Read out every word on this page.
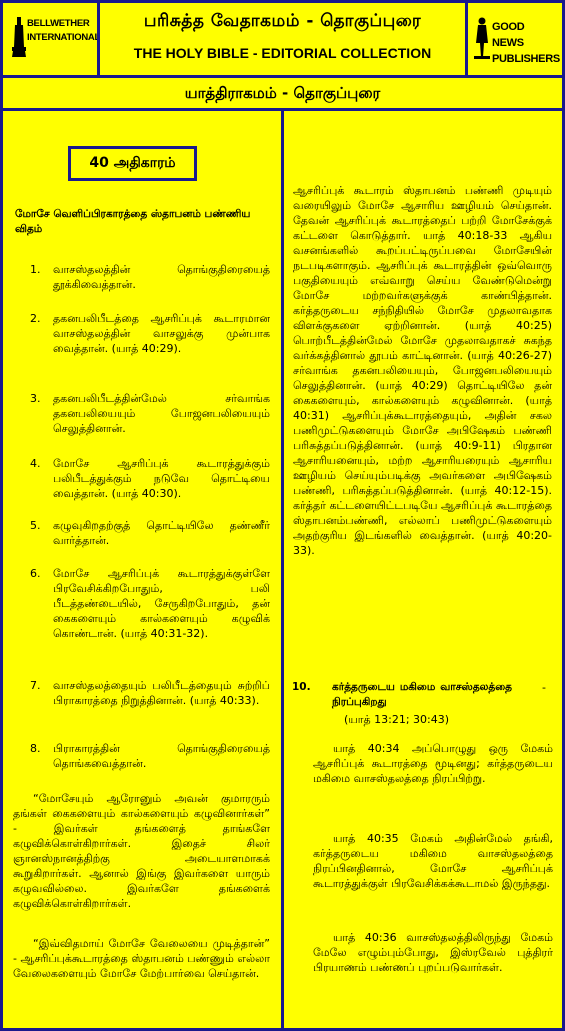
BELLWETHER INTERNATIONAL
பரிசுத்த வேதாகமம் - தொகுப்புரை
THE HOLY BIBLE - EDITORIAL COLLECTION
GOOD NEWS PUBLISHERS
யாத்திராகமம் - தொகுப்புரை
40 அதிகாரம்
மோசே வெளிப்பிரகாரத்தை ஸ்தாபனம் பண்ணிய விதம்
1. வாசஸ்தலத்தின் தொங்குதிரையைத் தூக்கிவைத்தான்.
2. தகனபலிபீடத்தை ஆசரிப்புக் கூடாரமான வாசஸ்தலத்தின் வாசலுக்கு முன்பாக வைத்தான். (யாத் 40:29).
3. தகனபலிபீடத்தின்மேல் சர்வாங்க தகனபலியையும் போஜனபலியையும் செலுத்தினான்.
4. மோசே ஆசரிப்புக் கூடாரத்துக்கும் பலிபீடத்துக்கும் நடுவே தொட்டியை வைத்தான். (யாத் 40:30).
5. கழுவுகிறதற்குத் தொட்டியிலே தண்ணீர் வார்த்தான்.
6. மோசே ஆசரிப்புக் கூடாரத்துக்குள்ளே பிரவேசிக்கிறபோதும், பலி பீடத்தண்டையில், சேருகிறபோதும், தன் கைகளையும் கால்களையும் கழுவிக் கொண்டான். (யாத் 40:31-32).
7. வாசஸ்தலத்தையும் பலிபீடத்தையும் சுற்றிப் பிராகாரத்தை நிறுத்தினான். (யாத் 40:33).
8. பிராகாரத்தின் தொங்குதிரையைத் தொங்கவைத்தான்.
“மோசேயும் ஆரோனும் அவன் குமாரரும் தங்கள் கைகளையும் கால்களையும் கழுவினார்கள்” - இவர்கள் தங்களைத் தாங்களே கழுவிக்கொள்கிறார்கள். இதைச் சிலர் ஞானஸ்நானத்திற்கு அடையாளமாகக் கூறுகிறார்கள். ஆனால் இங்கு இவர்களை யாரும் கழுவவில்லை. இவர்களே தங்களைக் கழுவிக்கொள்கிறார்கள்.
“இவ்விதமாய் மோசே வேலையை முடித்தான்” - ஆசரிப்புக்கூடாரத்தை ஸ்தாபனம் பண்ணும் எல்லா வேலைகளையும் மோசே மேற்பார்வை செய்தான்.
ஆசரிப்புக் கூடாரம் ஸ்தாபனம் பண்ணி முடியும் வரையிலும் மோசே ஆசாரிய ஊழியம் செய்தான். தேவன் ஆசரிப்புக் கூடாரத்தைப் பற்றி மோசேக்குக் கட்டளை கொடுத்தார். யாத் 40:18-33 ஆகிய வசனங்களில் கூறப்பட்டிருப்பவை மோசேயின் நடபடிகளாகும். ஆசரிப்புக் கூடாரத்தின் ஒவ்வொரு பகுதியையும் எவ்வாறு செய்ய வேண்டுமென்று மோசே மற்றவர்களுக்குக் காண்பித்தான். கர்த்தருடைய சந்நிதியில் மோசே முதலாவதாக விளக்குகளை ஏற்றினான். (யாத் 40:25) பொற்பீடத்தின்மேல் மோசே முதலாவதாகச் சுகந்த வர்க்கத்தினால் தூபம் காட்டினான். (யாத் 40:26-27) சர்வாங்க தகனபலியையும், போஜனபலியையும் செலுத்தினான். (யாத் 40:29) தொட்டியிலே தன் கைகளையும், கால்களையும் கழுவினான். (யாத் 40:31) ஆசரிப்புக்கூடாரத்தையும், அதின் சகல பணிமுட்டுகளையும் மோசே அபிஷேகம் பண்ணி பரிசுத்தப்படுத்தினான். (யாத் 40:9-11) பிரதான ஆசாரியனையும், மற்ற ஆசாரியரையும் ஆசாரிய ஊழியம் செய்யும்படிக்கு அவர்களை அபிஷேகம் பண்ணி, பரிசுத்தப்படுத்தினான். (யாத் 40:12-15). கர்த்தர் கட்டளையிட்டபடியே ஆசரிப்புக் கூடாரத்தை ஸ்தாபனம்பண்ணி, எல்லாப் பணிமுட்டுகளையும் அதற்குரிய இடங்களில் வைத்தான். (யாத் 40:20-33).
10. கர்த்தருடைய மகிமை வாசஸ்தலத்தை நிரப்புகிறது
-
(யாத் 13:21; 30:43)
யாத் 40:34 அப்பொழுது ஒரு மேகம் ஆசரிப்புக் கூடாரத்தை மூடினது; கர்த்தருடைய மகிமை வாசஸ்தலத்தை நிரப்பிற்று.
யாத் 40:35 மேகம் அதின்மேல் தங்கி, கர்த்தருடைய மகிமை வாசஸ்தலத்தை நிரப்பினதினால், மோசே ஆசரிப்புக் கூடாரத்துக்குள் பிரவேசிக்கக்கூடாமல் இருந்தது.
யாத் 40:36 வாசஸ்தலத்திலிருந்து மேகம் மேலே எழும்பும்போது, இஸ்ரவேல் புத்திரர் பிரயாணம் பண்ணப் புறப்படுவார்கள்.
